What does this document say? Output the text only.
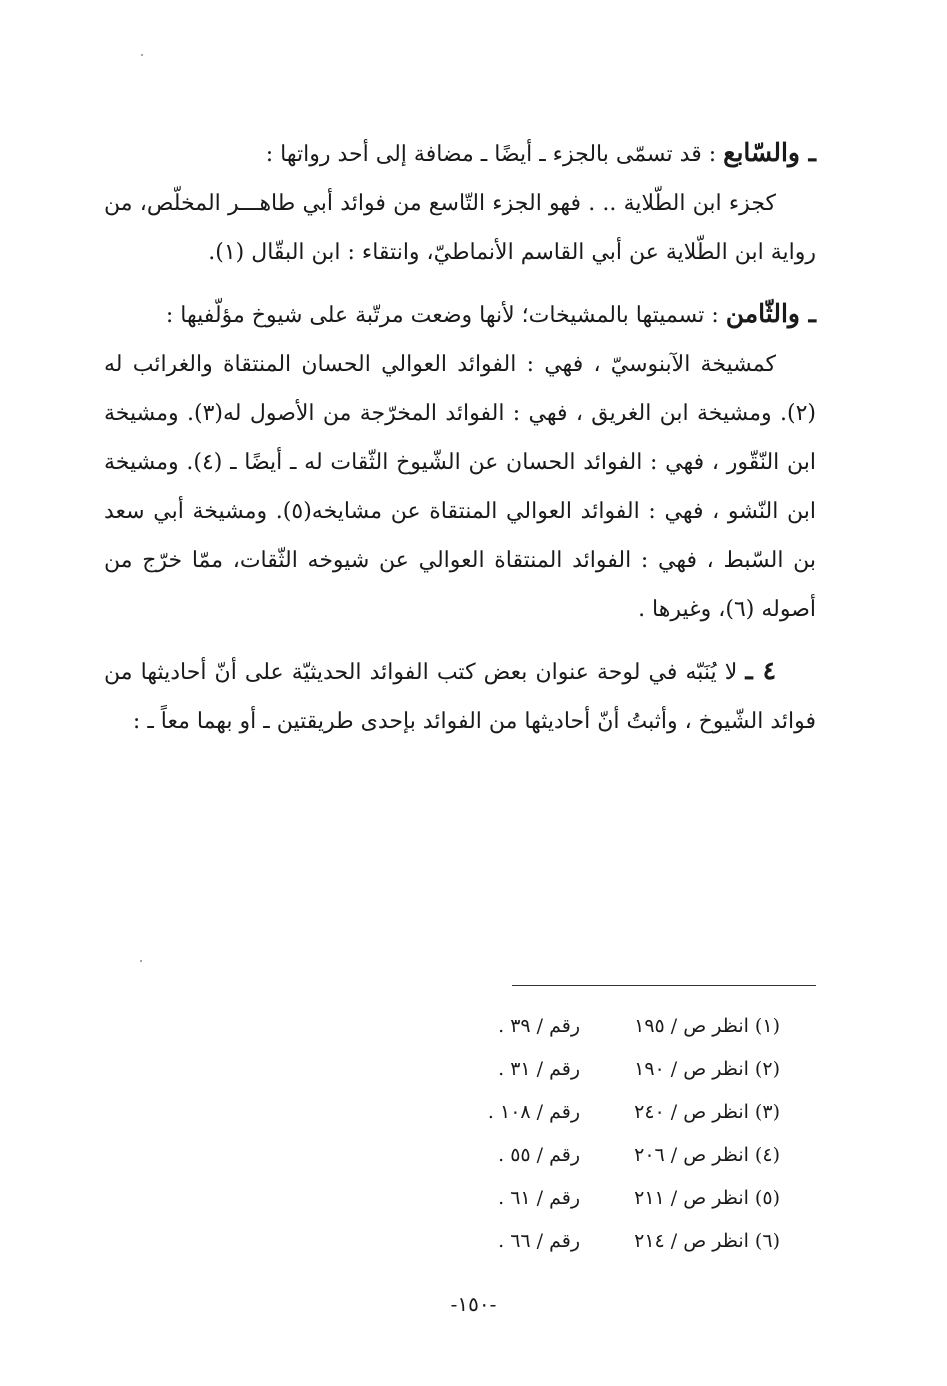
ـ والسّابع : قد تسمّى بالجزء ـ أيضًا ـ مضافة إلى أحد رواتها :

كجزء ابن الطّلاية .. . فهو الجزء التّاسع من فوائد أبي طاهـــر المخلّص، من رواية ابن الطّلاية عن أبي القاسم الأنماطيّ، وانتقاء : ابن البقّال (١).

ـ والثّامن : تسميتها بالمشيخات؛ لأنها وضعت مرتّبة على شيوخ مؤلّفيها :

كمشيخة الآبنوسيّ ، فهي : الفوائد العوالي الحسان المنتقاة والغرائب له (٢). ومشيخة ابن الغريق ، فهي : الفوائد المخرّجة من الأصول له(٣). ومشيخة ابن النّقّور ، فهي : الفوائد الحسان عن الشّيوخ الثّقات له ـ أيضًا ـ (٤). ومشيخة ابن النّشو ، فهي : الفوائد العوالي المنتقاة عن مشايخه(٥). ومشيخة أبي سعد بن السّبط ، فهي : الفوائد المنتقاة العوالي عن شيوخه الثّقات، ممّا خرّج من أصوله (٦)، وغيرها .

٤ ـ لا يُنَبّه في لوحة عنوان بعض كتب الفوائد الحديثيّة على أنّ أحاديثها من فوائد الشّيوخ ، وأثبتُ أنّ أحاديثها من الفوائد بإحدى طريقتين ـ أو بهما معاً ـ :

(١) انظر ص / ١٩٥
رقم / ٣٩ .
(٢) انظر ص / ١٩٠
رقم / ٣١ .
(٣) انظر ص / ٢٤٠
رقم / ١٠٨ .
(٤) انظر ص / ٢٠٦
رقم / ٥٥ .
(٥) انظر ص / ٢١١
رقم / ٦١ .
(٦) انظر ص / ٢١٤
رقم / ٦٦ .
-١٥٠-
